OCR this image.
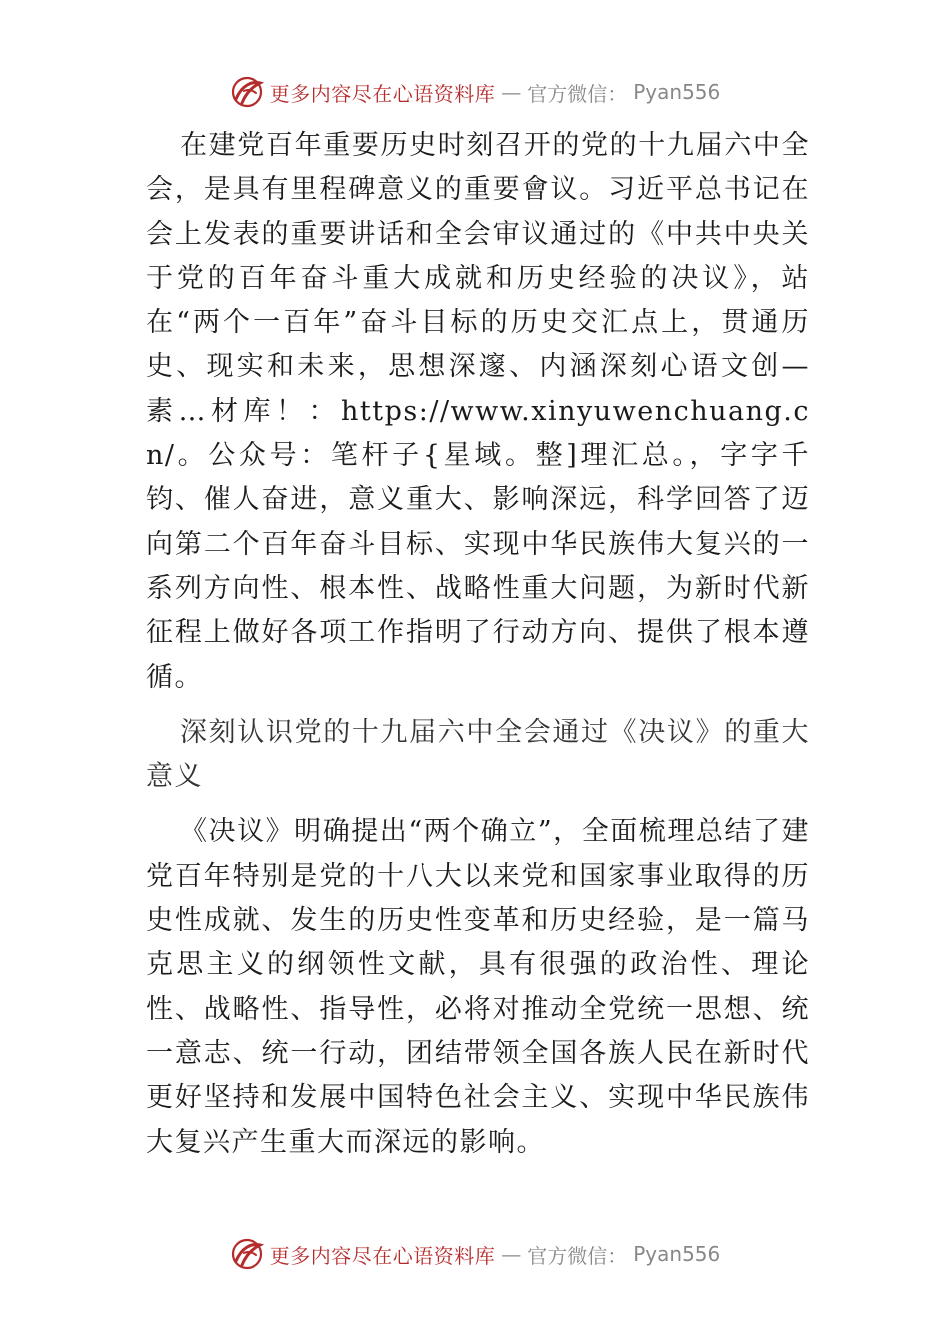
更多内容尽在心语资料库 — 官方微信： Pyan556

在建党百年重要历史时刻召开的党的十九届六中全会，是具有里程碑意义的重要會议。习近平总书记在会上发表的重要讲话和全会审议通过的《中共中央关于党的百年奋斗重大成就和历史经验的决议》，站在“两个一百年”奋斗目标的历史交汇点上，贯通历史、现实和未来，思想深邃、内涵深刻心语文创—素…材库！：https://www.xinyuwenchuang.cn/。公众号：笔杆子{星域。整]理汇总。，字字千钧、催人奋进，意义重大、影响深远，科学回答了迈向第二个百年奋斗目标、实现中华民族伟大复兴的一系列方向性、根本性、战略性重大问题，为新时代新征程上做好各项工作指明了行动方向、提供了根本遵循。

深刻认识党的十九届六中全会通过《决议》的重大意义

《决议》明确提出“两个确立”，全面梳理总结了建党百年特别是党的十八大以来党和国家事业取得的历史性成就、发生的历史性变革和历史经验，是一篇马克思主义的纲领性文献，具有很强的政治性、理论性、战略性、指导性，必将对推动全党统一思想、统一意志、统一行动，团结带领全国各族人民在新时代更好坚持和发展中国特色社会主义、实现中华民族伟大复兴产生重大而深远的影响。

更多内容尽在心语资料库 — 官方微信： Pyan556
